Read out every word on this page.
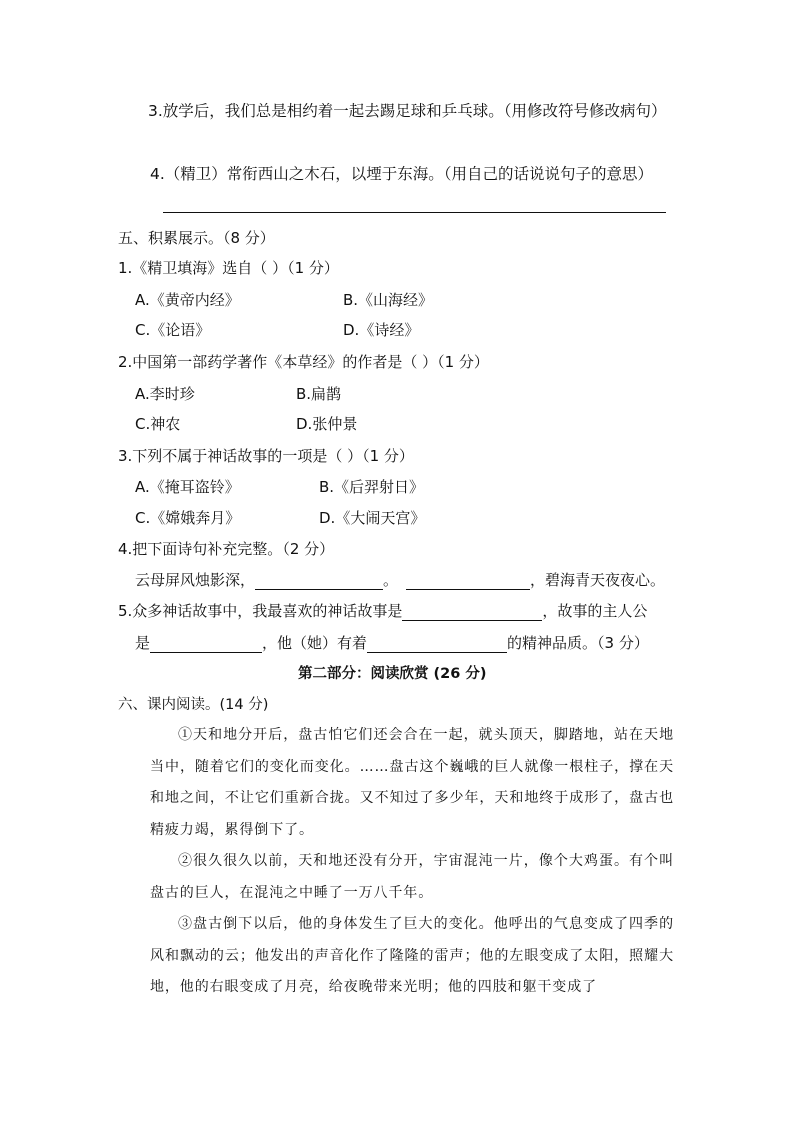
3.放学后，我们总是相约着一起去踢足球和乒乓球。（用修改符号修改病句）
4.（精卫）常衔西山之木石，以堙于东海。（用自己的话说说句子的意思）
五、积累展示。（8 分）
1.《精卫填海》选自（ ）（1 分）
A.《黄帝内经》	B.《山海经》
C.《论语》	D.《诗经》
2.中国第一部药学著作《本草经》的作者是（ ）（1 分）
A.李时珍	B.扁鹊
C.神农	D.张仲景
3.下列不属于神话故事的一项是（ ）（1 分）
A.《掩耳盗铃》	B.《后羿射日》
C.《嫦娥奔月》	D.《大闹天宫》
4.把下面诗句补充完整。（2 分）
云母屏风烛影深，	。	，碧海青天夜夜心。
5.众多神话故事中，我最喜欢的神话故事是	，故事的主人公
是	，他（她）有着	的精神品质。（3 分）
第二部分：阅读欣赏 (26 分)
六、课内阅读。(14 分)

①天和地分开后，盘古怕它们还会合在一起，就头顶天，脚踏地，站在天地当中，随着它们的变化而变化。……盘古这个巍峨的巨人就像一根柱子，撑在天和地之间，不让它们重新合拢。又不知过了多少年，天和地终于成形了，盘古也精疲力竭，累得倒下了。

②很久很久以前，天和地还没有分开，宇宙混沌一片，像个大鸡蛋。有个叫盘古的巨人，在混沌之中睡了一万八千年。

③盘古倒下以后，他的身体发生了巨大的变化。他呼出的气息变成了四季的风和飘动的云；他发出的声音化作了隆隆的雷声；他的左眼变成了太阳，照耀大地，他的右眼变成了月亮，给夜晚带来光明；他的四肢和躯干变成了
